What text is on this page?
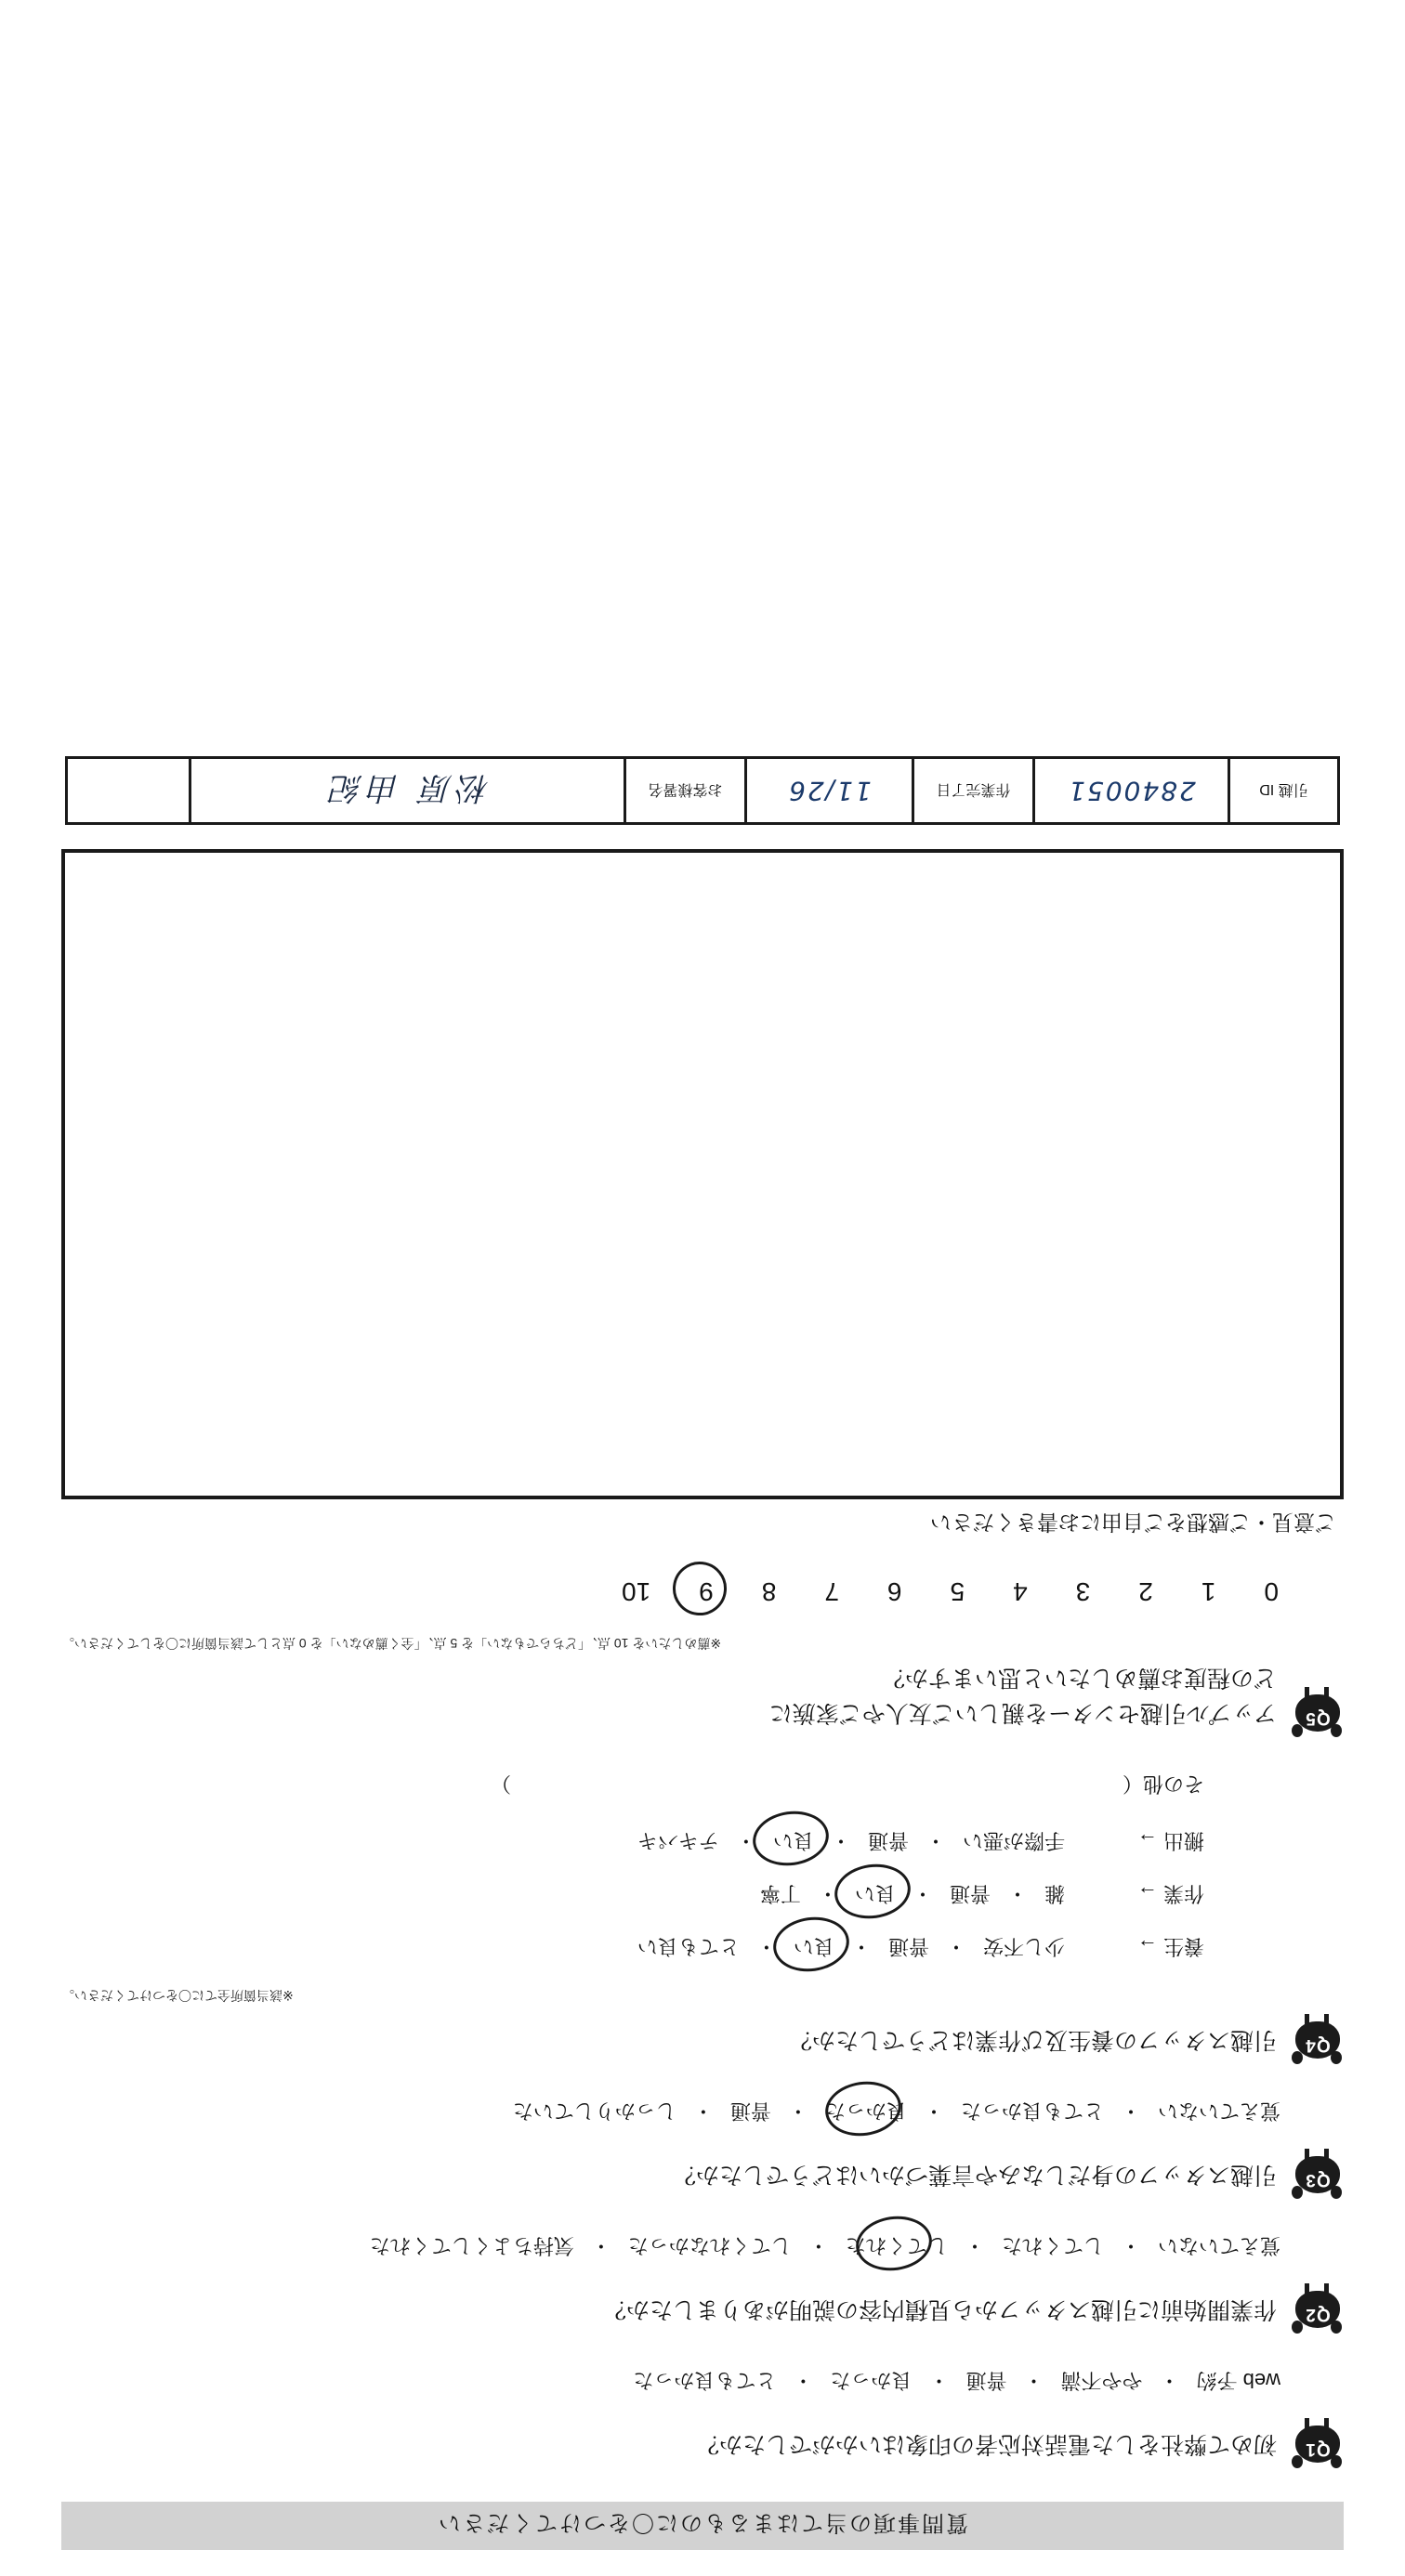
質問事項の当てはまるものに〇をつけてください
Q1
初めて弊社をした電話対応者の印象はいかがでしたか？
web 予約
・
やや不満
・
普通
・
良かった
・
とても良かった
Q2
作業開始前に引越スタッフから見積内容の説明がありましたか？
覚えていない
・
してくれた
・
してくれた
・
してくれなかった
・
気持ちよくしてくれた
Q3
引越スタッフの身だしなみや言葉づかいはどうでしたか？
覚えていない
・
とても良かった
・
良かった
・
普通
・
しっかりしていた
Q4
引越スタッフの養生及び作業はどうでしたか？
※該当箇所全てに〇をつけてください。
養生 →
少し不安
・
普通
・
良い
・
とても良い
作業 →
雑
・
普通
・
良い
・
丁寧
搬出 →
手際が悪い
・
普通
・
良い
・
テキパキ
その他（
）
Q5
アップル引越センターを親しいご友人やご家族に
どの程度お薦めしたいと思いますか？
※薦めしたいを 10 点、「どちらでもない」を 5 点、「全く薦めない」を 0 点として該当箇所に〇をしてください。
0
1
2
3
4
5
6
7
8
9
10
ご意見・ご感想をご自由にお書きください
引越 ID
2840051
作業完了日
11/26
お客様署名
松原 由紀
